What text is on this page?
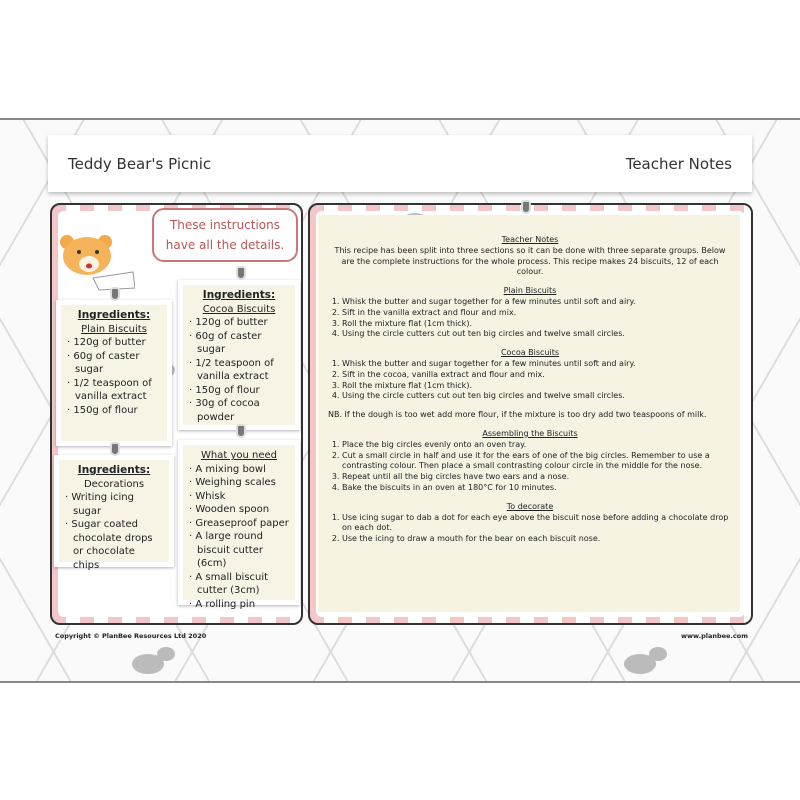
Teddy Bear's Picnic	Teacher Notes
These instructions have all the details.
Ingredients:
Plain Biscuits
· 120g of butter
· 60g of caster sugar
· 1/2 teaspoon of vanilla extract
· 150g of flour
Ingredients:
Cocoa Biscuits
· 120g of butter
· 60g of caster sugar
· 1/2 teaspoon of vanilla extract
· 150g of flour
· 30g of cocoa powder
Ingredients:
Decorations
· Writing icing sugar
· Sugar coated chocolate drops or chocolate chips
What you need
· A mixing bowl
· Weighing scales
· Whisk
· Wooden spoon
· Greaseproof paper
· A large round biscuit cutter (6cm)
· A small biscuit cutter (3cm)
· A rolling pin
Teacher Notes

This recipe has been split into three sections so it can be done with three separate groups. Below are the complete instructions for the whole process. This recipe makes 24 biscuits, 12 of each colour.

Plain Biscuits
1. Whisk the butter and sugar together for a few minutes until soft and airy.
2. Sift in the vanilla extract and flour and mix.
3. Roll the mixture flat (1cm thick).
4. Using the circle cutters cut out ten big circles and twelve small circles.
Cocoa Biscuits
1. Whisk the butter and sugar together for a few minutes until soft and airy.
2. Sift in the cocoa, vanilla extract and flour and mix.
3. Roll the mixture flat (1cm thick).
4. Using the circle cutters cut out ten big circles and twelve small circles.
NB. If the dough is too wet add more flour, if the mixture is too dry add two teaspoons of milk.
Assembling the Biscuits
1. Place the big circles evenly onto an oven tray.
2. Cut a small circle in half and use it for the ears of one of the big circles. Remember to use a contrasting colour. Then place a small contrasting colour circle in the middle for the nose.
3. Repeat until all the big circles have two ears and a nose.
4. Bake the biscuits in an oven at 180°C for 10 minutes.
To decorate
1. Use icing sugar to dab a dot for each eye above the biscuit nose before adding a chocolate drop on each dot.
2. Use the icing to draw a mouth for the bear on each biscuit nose.
Copyright © PlanBee Resources Ltd 2020	www.planbee.com
